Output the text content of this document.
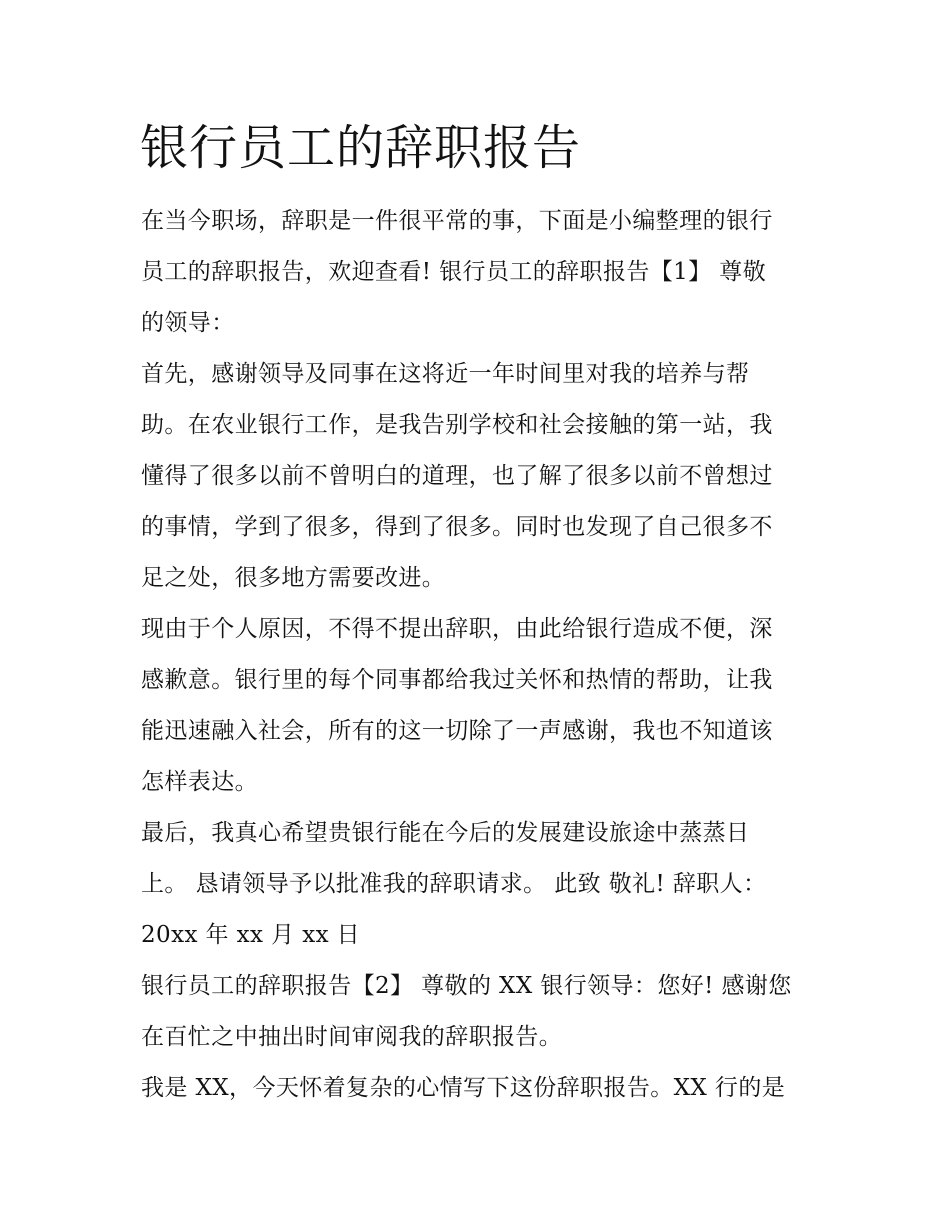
银行员工的辞职报告
在当今职场，辞职是一件很平常的事，下面是小编整理的银行
员工的辞职报告，欢迎查看! 银行员工的辞职报告【1】 尊敬
的领导：
首先，感谢领导及同事在这将近一年时间里对我的培养与帮
助。在农业银行工作，是我告别学校和社会接触的第一站，我
懂得了很多以前不曾明白的道理，也了解了很多以前不曾想过
的事情，学到了很多，得到了很多。同时也发现了自己很多不
足之处，很多地方需要改进。
现由于个人原因，不得不提出辞职，由此给银行造成不便，深
感歉意。银行里的每个同事都给我过关怀和热情的帮助，让我
能迅速融入社会，所有的这一切除了一声感谢，我也不知道该
怎样表达。
最后，我真心希望贵银行能在今后的发展建设旅途中蒸蒸日
上。 恳请领导予以批准我的辞职请求。 此致 敬礼! 辞职人：
20xx 年 xx 月 xx 日
银行员工的辞职报告【2】 尊敬的 XX 银行领导：您好! 感谢您
在百忙之中抽出时间审阅我的辞职报告。
我是 XX，今天怀着复杂的心情写下这份辞职报告。XX 行的是
